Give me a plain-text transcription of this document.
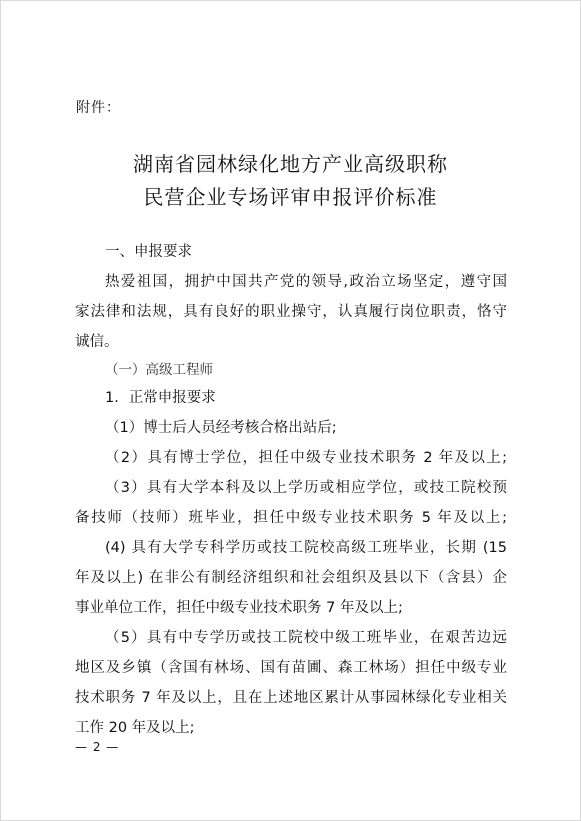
附件：
湖南省园林绿化地方产业高级职称
民营企业专场评审申报评价标准
一、申报要求
热爱祖国，拥护中国共产党的领导,政治立场坚定，遵守国
家法律和法规，具有良好的职业操守，认真履行岗位职责，恪守
诚信。
（一）高级工程师
1．正常申报要求
（1）博士后人员经考核合格出站后;
（2）具有博士学位，担任中级专业技术职务 2 年及以上;
（3）具有大学本科及以上学历或相应学位，或技工院校预
备技师（技师）班毕业，担任中级专业技术职务 5 年及以上;
(4) 具有大学专科学历或技工院校高级工班毕业，长期 (15
年及以上) 在非公有制经济组织和社会组织及县以下（含县）企
事业单位工作，担任中级专业技术职务 7 年及以上;
（5）具有中专学历或技工院校中级工班毕业，在艰苦边远
地区及乡镇（含国有林场、国有苗圃、森工林场）担任中级专业
技术职务 7 年及以上，且在上述地区累计从事园林绿化专业相关
工作 20 年及以上;
— 2 —
